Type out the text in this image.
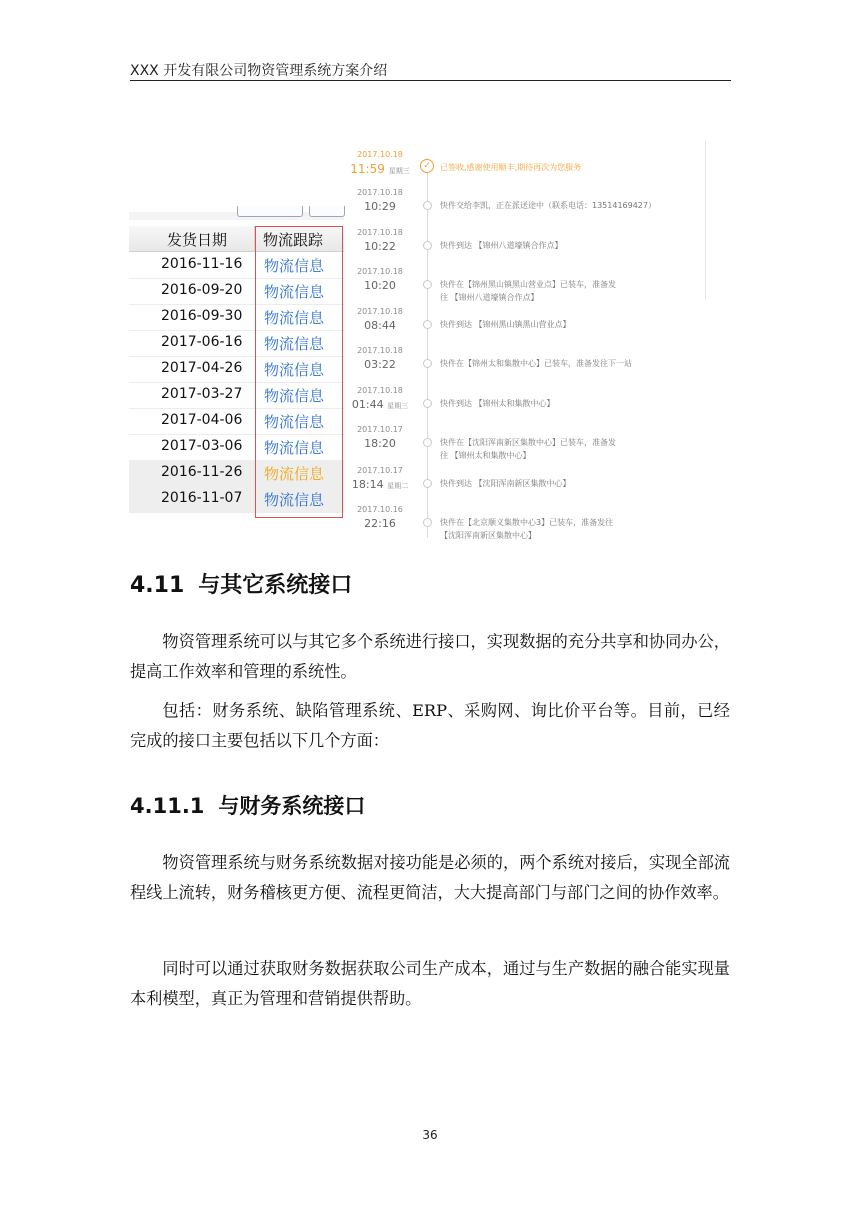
XXX 开发有限公司物资管理系统方案介绍
发货日期 物流跟踪
2016-11-16 物流信息
2016-09-20 物流信息
2016-09-30 物流信息
2017-06-16 物流信息
2017-04-26 物流信息
2017-03-27 物流信息
2017-04-06 物流信息
2017-03-06 物流信息
2016-11-26 物流信息
2016-11-07 物流信息
2017.10.18
11:59 星期三	✓	已签收,感谢使用顺丰,期待再次为您服务
2017.10.18
10:29	快件交给李凯，正在派送途中（联系电话：13514169427）
2017.10.18
10:22	快件到达 【锦州八道壕镇合作点】
2017.10.18
10:20	快件在【锦州黑山镇黑山营业点】已装车，准备发往 【锦州八道壕镇合作点】
2017.10.18
08:44	快件到达 【锦州黑山镇黑山营业点】
2017.10.18
03:22	快件在【锦州太和集散中心】已装车，准备发往下一站
2017.10.18
01:44 星期三	快件到达 【锦州太和集散中心】
2017.10.17
18:20	快件在【沈阳浑南新区集散中心】已装车，准备发往 【锦州太和集散中心】
2017.10.17
18:14 星期二	快件到达 【沈阳浑南新区集散中心】
2017.10.16
22:16	快件在【北京顺义集散中心3】已装车，准备发往 【沈阳浑南新区集散中心】
4.11 与其它系统接口
物资管理系统可以与其它多个系统进行接口，实现数据的充分共享和协同办公，提高工作效率和管理的系统性。
包括：财务系统、缺陷管理系统、ERP、采购网、询比价平台等。目前，已经完成的接口主要包括以下几个方面：
4.11.1 与财务系统接口
物资管理系统与财务系统数据对接功能是必须的，两个系统对接后，实现全部流程线上流转，财务稽核更方便、流程更简洁，大大提高部门与部门之间的协作效率。
同时可以通过获取财务数据获取公司生产成本，通过与生产数据的融合能实现量本利模型，真正为管理和营销提供帮助。
36
